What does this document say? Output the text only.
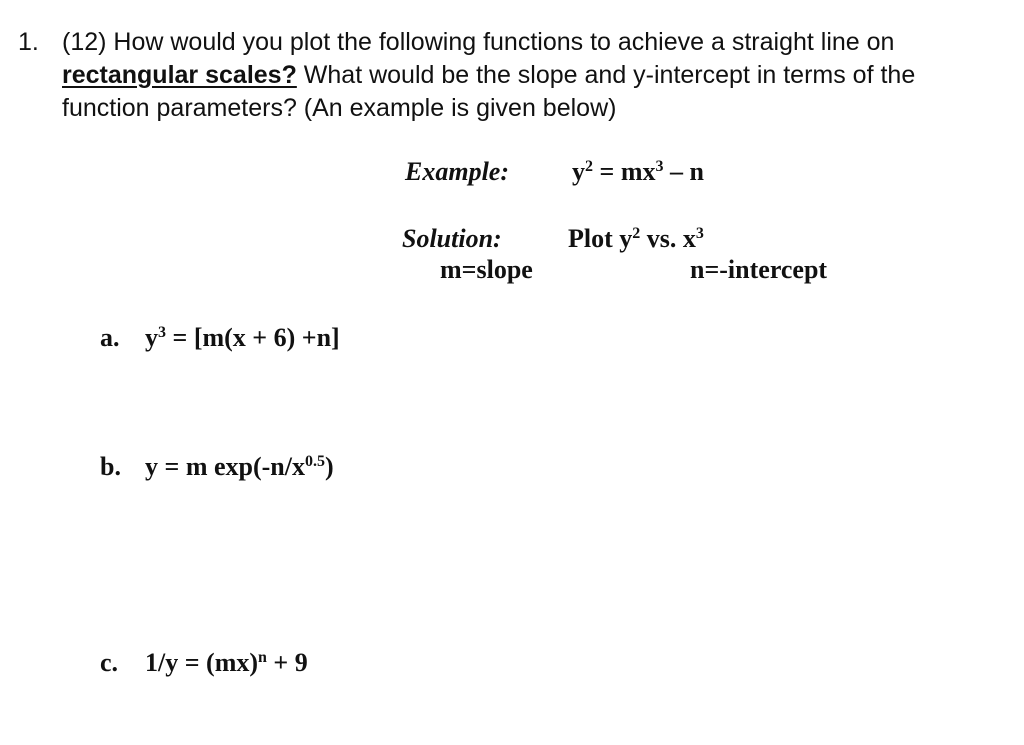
1. (12) How would you plot the following functions to achieve a straight line on
rectangular scales? What would be the slope and y-intercept in terms of the
function parameters? (An example is given below)
Example: $y^2 = mx^3 - n$
Solution:	Plot $y^2$ vs. $x^3$
m=slope	n=-intercept
a. $y^3 = [m(x + 6) +n]$
b. y = m $\exp(-n/x^{0.5})$
c. 1/y = (mx)$^n$ + 9
